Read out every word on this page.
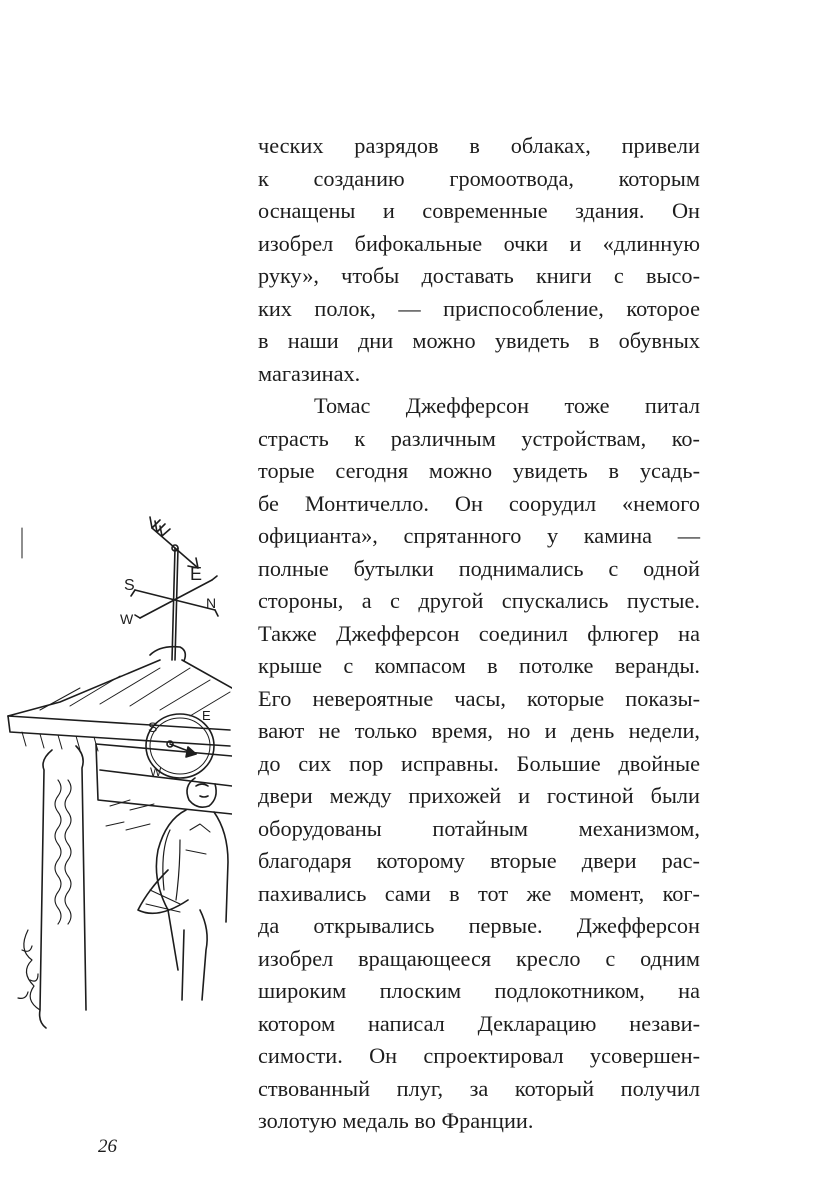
ческих разрядов в облаках, привели
к созданию громоотвода, которым
оснащены и современные здания. Он
изобрел бифокальные очки и «длинную
руку», чтобы доставать книги с высо-
ких полок, — приспособление, которое
в наши дни можно увидеть в обувных
магазинах.
Томас Джефферсон тоже питал
страсть к различным устройствам, ко-
торые сегодня можно увидеть в усадь-
бе Монтичелло. Он соорудил «немого
официанта», спрятанного у камина —
полные бутылки поднимались с одной
стороны, а с другой спускались пустые.
Также Джефферсон соединил флюгер на
крыше с компасом в потолке веранды.
Его невероятные часы, которые показы-
вают не только время, но и день недели,
до сих пор исправны. Большие двойные
двери между прихожей и гостиной были
оборудованы потайным механизмом,
благодаря которому вторые двери рас-
пахивались сами в тот же момент, ког-
да открывались первые. Джефферсон
изобрел вращающееся кресло с одним
широким плоским подлокотником, на
котором написал Декларацию незави-
симости. Он спроектировал усовершен-
ствованный плуг, за который получил
золотую медаль во Франции.
S
E
W
N
S
E
W
26
